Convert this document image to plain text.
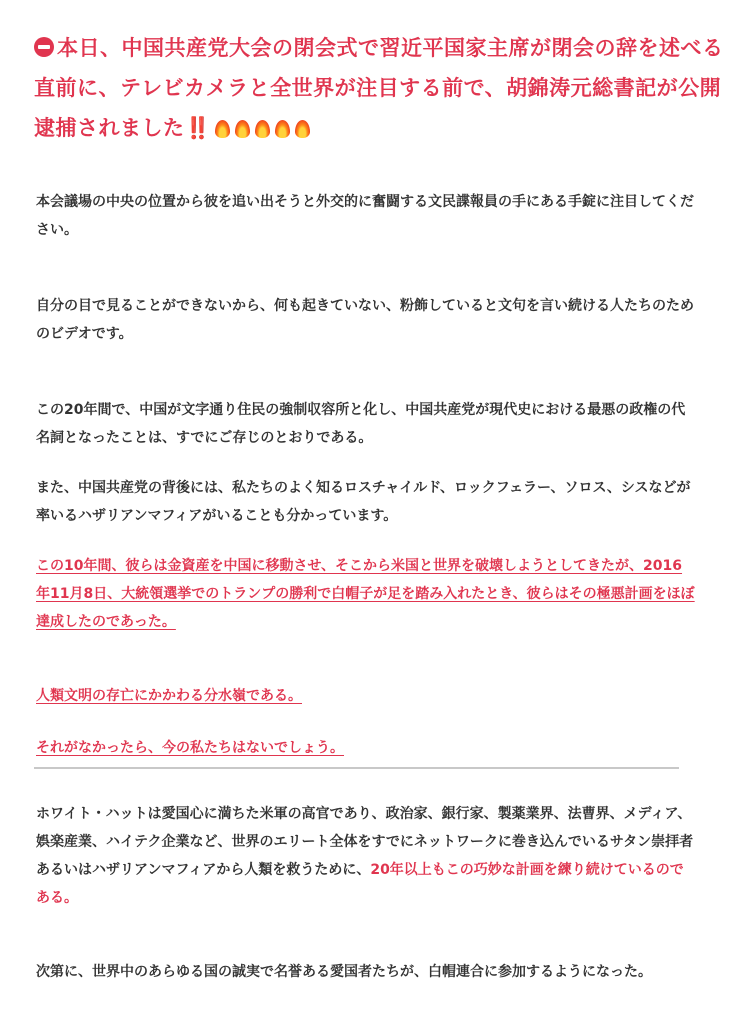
本日、中国共産党大会の閉会式で習近平国家主席が閉会の辞を述べる直前に、テレビカメラと全世界が注目する前で、胡錦涛元総書記が公開逮捕されました‼️

本会議場の中央の位置から彼を追い出そうと外交的に奮闘する文民諜報員の手にある手錠に注目してください。

自分の目で見ることができないから、何も起きていない、粉飾していると文句を言い続ける人たちのためのビデオです。

この20年間で、中国が文字通り住民の強制収容所と化し、中国共産党が現代史における最悪の政権の代名詞となったことは、すでにご存じのとおりである。

また、中国共産党の背後には、私たちのよく知るロスチャイルド、ロックフェラー、ソロス、シスなどが率いるハザリアンマフィアがいることも分かっています。

この10年間、彼らは金資産を中国に移動させ、そこから米国と世界を破壊しようとしてきたが、2016年11月8日、大統領選挙でのトランプの勝利で白帽子が足を踏み入れたとき、彼らはその極悪計画をほぼ達成したのであった。

人類文明の存亡にかかわる分水嶺である。

それがなかったら、今の私たちはないでしょう。

ホワイト・ハットは愛国心に満ちた米軍の高官であり、政治家、銀行家、製薬業界、法曹界、メディア、娯楽産業、ハイテク企業など、世界のエリート全体をすでにネットワークに巻き込んでいるサタン崇拝者あるいはハザリアンマフィアから人類を救うために、20年以上もこの巧妙な計画を練り続けているのである。

次第に、世界中のあらゆる国の誠実で名誉ある愛国者たちが、白帽連合に参加するようになった。
